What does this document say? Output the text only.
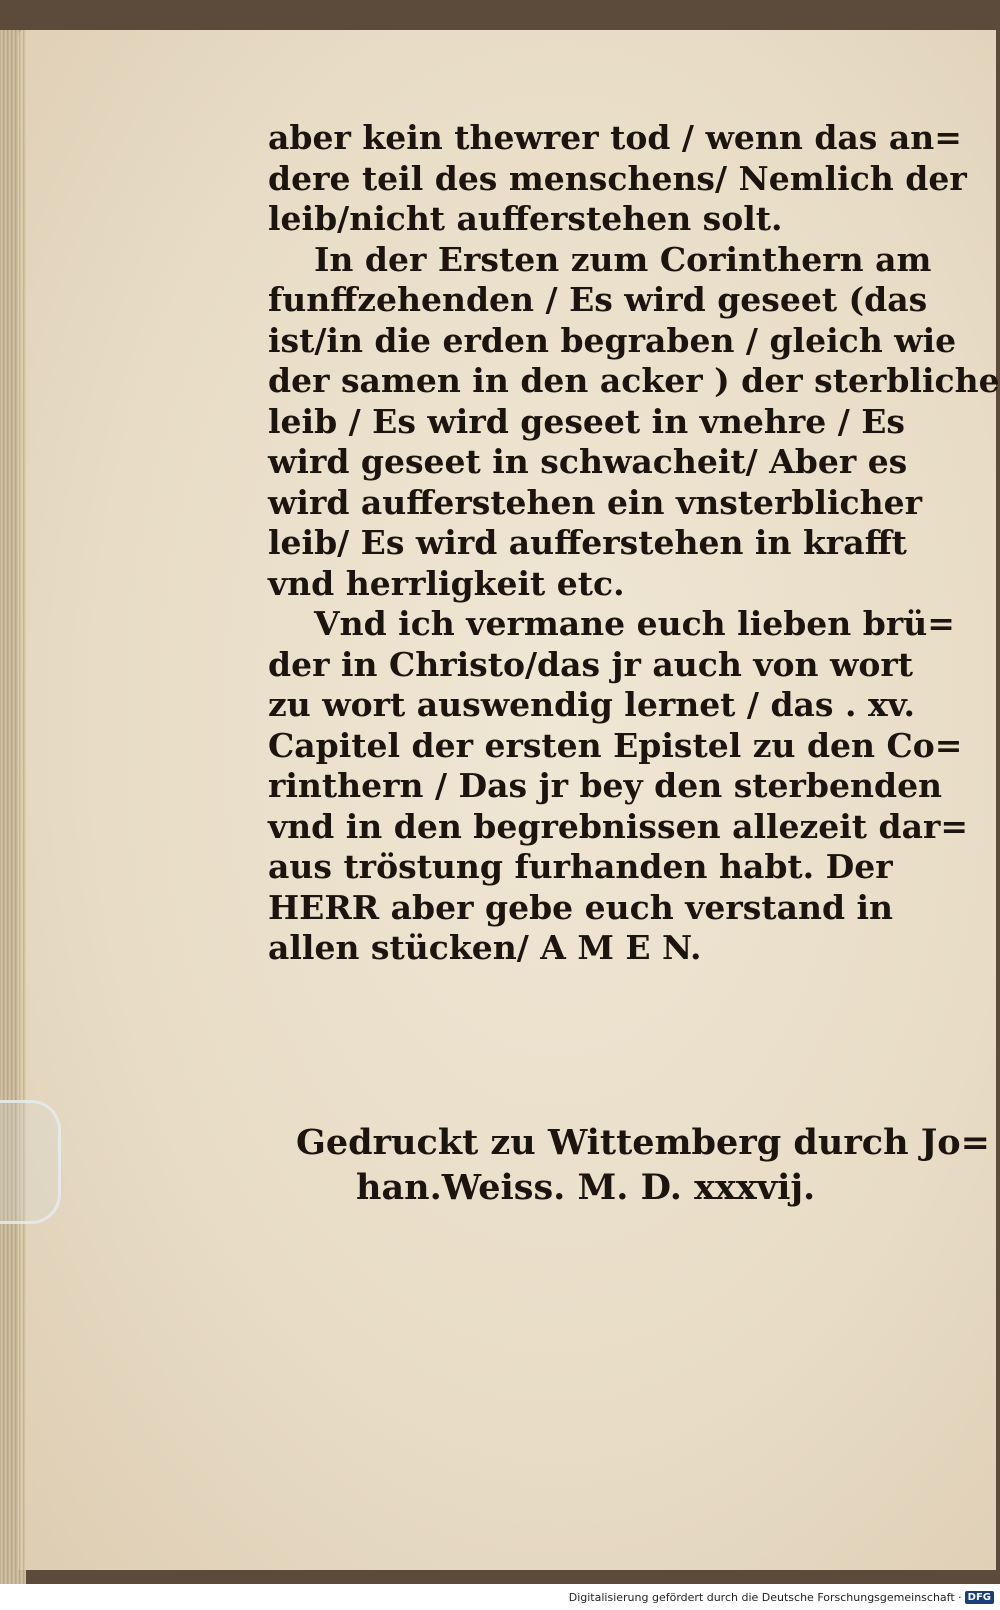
aber kein thewrer tod / wenn das an=
dere teil des menschens/ Nemlich der
leib/nicht aufferstehen solt.
In der Ersten zum Corinthern am
funffzehenden / Es wird geseet (das
ist/in die erden begraben / gleich wie
der samen in den acker ) der sterbliche
leib / Es wird geseet in vnehre / Es
wird geseet in schwacheit/ Aber es
wird aufferstehen ein vnsterblicher
leib/ Es wird aufferstehen in krafft
vnd herrligkeit etc.
Vnd ich vermane euch lieben brü=
der in Christo/das jr auch von wort
zu wort auswendig lernet / das . xv.
Capitel der ersten Epistel zu den Co=
rinthern / Das jr bey den sterbenden
vnd in den begrebnissen allezeit dar=
aus tröstung furhanden habt. Der
HERR aber gebe euch verstand in
allen stücken/ A M E N.
Gedruckt zu Wittemberg durch Jo=
han.Weiss. M. D. xxxvij.
Digitalisierung gefördert durch die Deutsche Forschungsgemeinschaft · DFG
